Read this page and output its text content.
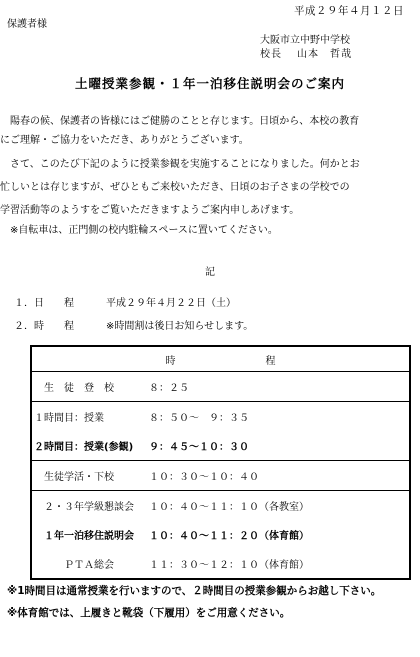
平成２９年４月１２日
保護者様
大阪市立中野中学校
校長　 山本　哲哉
土曜授業参観・１年一泊移住説明会のご案内
　陽春の候、保護者の皆様にはご健勝のことと存じます。日頃から、本校の教育
にご理解・ご協力をいただき、ありがとうございます。
　さて、このたび下記のように授業参観を実施することになりました。何かとお
忙しいとは存じますが、ぜひともご来校いただき、日頃のお子さまの学校での
学習活動等のようすをご覧いただきますようご案内申しあげます。
　※自転車は、正門側の校内駐輪スペースに置いてください。
記
１．日　　程	平成２９年４月２２日（土）
２．時　　程	※時間割は後日お知らせします。
時　　　　　　　　　程	
　生　徒　登　校	８：２５
１時間目：授業	８：５０～　９：３５
２時間目：授業(参観)	９：４５～１０：３０
　生徒学活・下校	１０：３０～１０：４０
　２・３年学級懇談会	１０：４０～１１：１０（各教室）
　１年一泊移住説明会	１０：４０～１１：２０（体育館）
　　　ＰＴＡ総会	１１：３０～１２：１０（体育館）
※1時間目は通常授業を行いますので、２時間目の授業参観からお越し下さい。
※体育館では、上履きと靴袋（下履用）をご用意ください。
